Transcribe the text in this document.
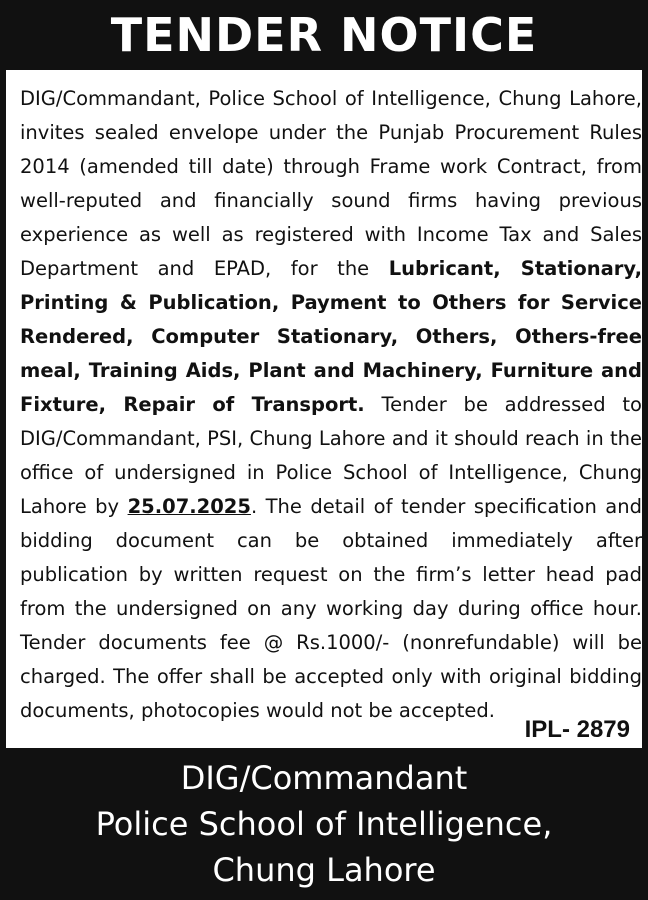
TENDER NOTICE

DIG/Commandant, Police School of Intelligence, Chung Lahore, invites sealed envelope under the Punjab Procurement Rules 2014 (amended till date) through Frame work Contract, from well-reputed and financially sound firms having previous experience as well as registered with Income Tax and Sales Department and EPAD, for the Lubricant, Stationary, Printing & Publication, Payment to Others for Service Rendered, Computer Stationary, Others, Others-free meal, Training Aids, Plant and Machinery, Furniture and Fixture, Repair of Transport. Tender be addressed to DIG/Commandant, PSI, Chung Lahore and it should reach in the office of undersigned in Police School of Intelligence, Chung Lahore by 25.07.2025. The detail of tender specification and bidding document can be obtained immediately after publication by written request on the firm’s letter head pad from the undersigned on any working day during office hour. Tender documents fee @ Rs.1000/- (nonrefundable) will be charged. The offer shall be accepted only with original bidding documents, photocopies would not be accepted.

IPL- 2879
DIG/Commandant
Police School of Intelligence,
Chung Lahore
